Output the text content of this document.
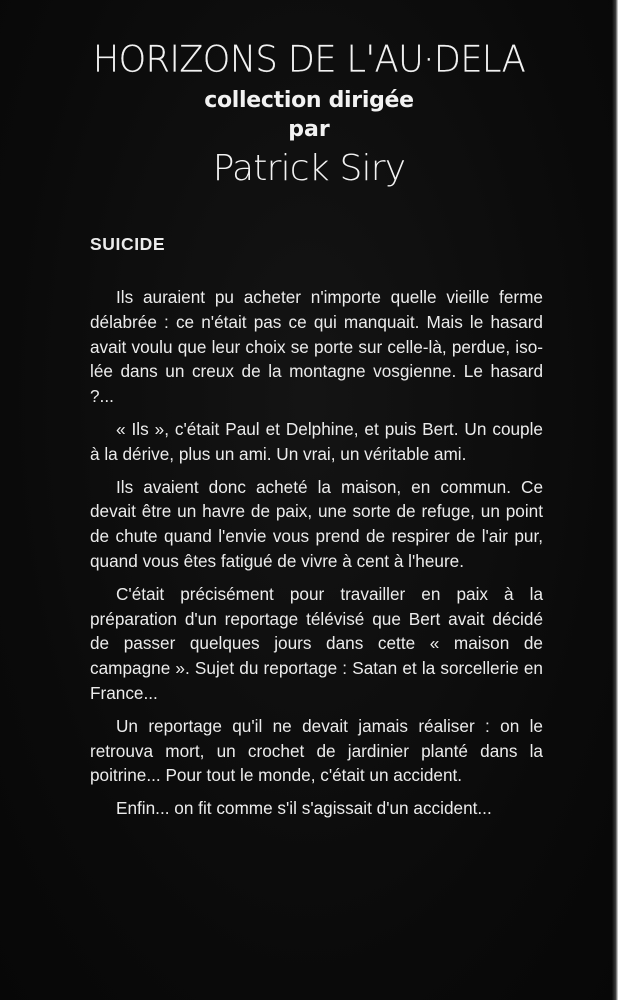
HORIZONS DE L'AU·DELA
collection dirigée
par
Patrick Siry
SUICIDE

Ils auraient pu acheter n'importe quelle vieille ferme délabrée : ce n'était pas ce qui manquait. Mais le hasard avait voulu que leur choix se porte sur celle-là, perdue, isolée dans un creux de la montagne vosgienne. Le hasard ?...

« Ils », c'était Paul et Delphine, et puis Bert. Un couple à la dérive, plus un ami. Un vrai, un véritable ami.

Ils avaient donc acheté la maison, en commun. Ce devait être un havre de paix, une sorte de refuge, un point de chute quand l'envie vous prend de respirer de l'air pur, quand vous êtes fatigué de vivre à cent à l'heure.

C'était précisément pour travailler en paix à la préparation d'un reportage télévisé que Bert avait décidé de passer quelques jours dans cette « maison de campagne ». Sujet du reportage : Satan et la sorcellerie en France...

Un reportage qu'il ne devait jamais réaliser : on le retrouva mort, un crochet de jardinier planté dans la poitrine... Pour tout le monde, c'était un accident.

Enfin... on fit comme s'il s'agissait d'un accident...
